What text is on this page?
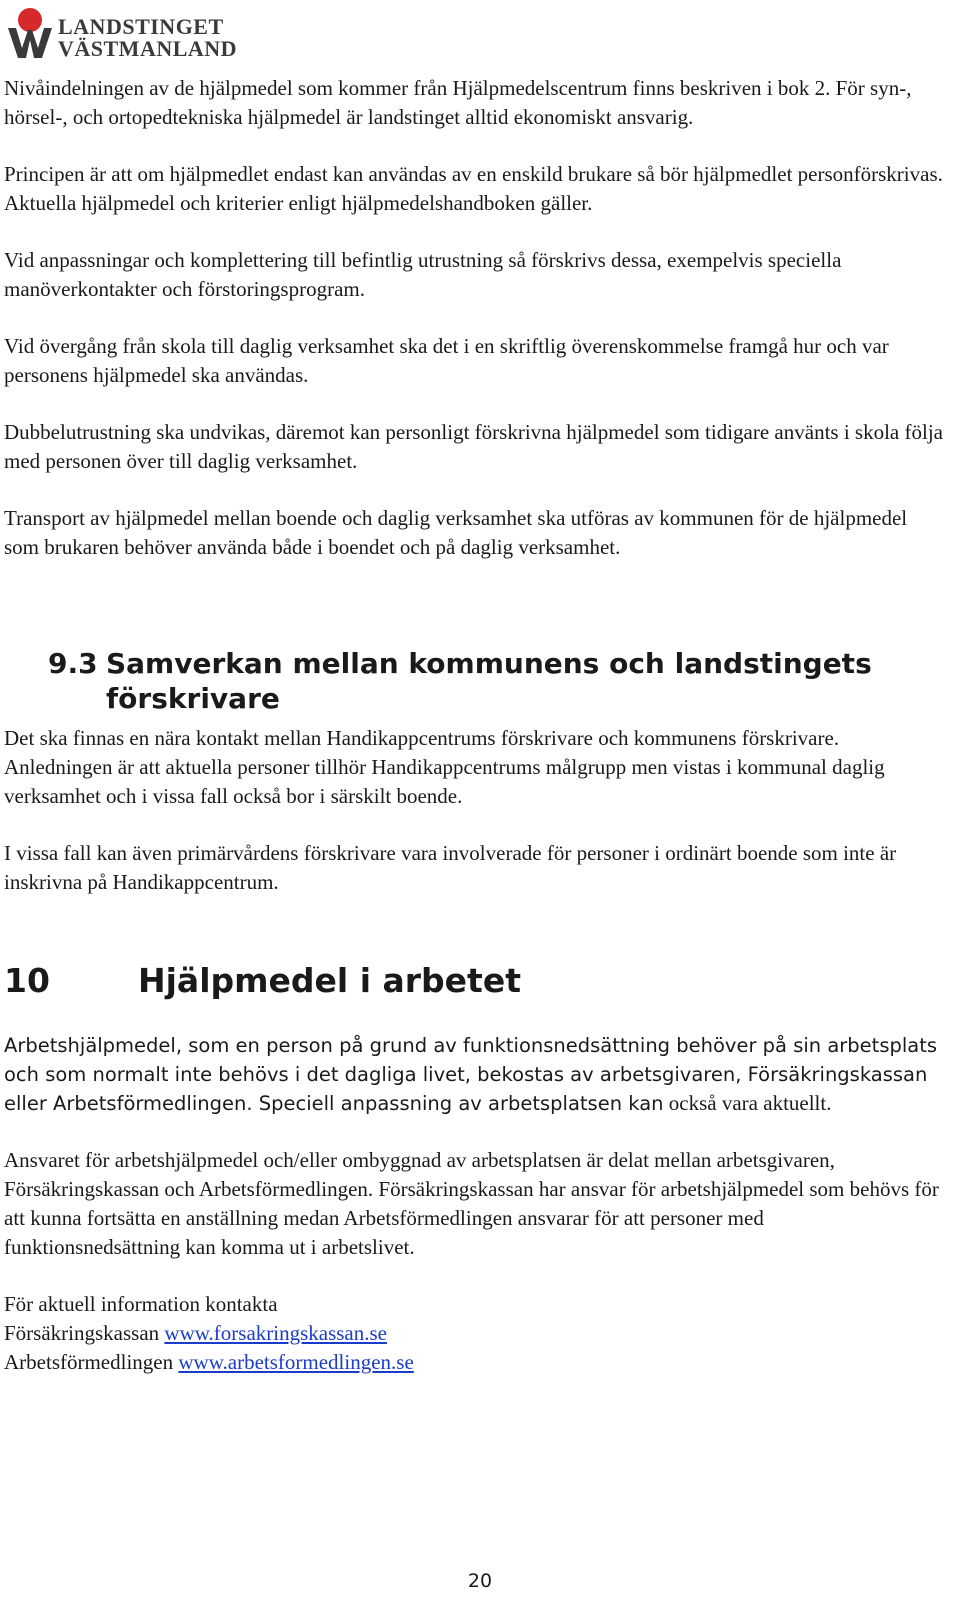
LANDSTINGET
VÄSTMANLAND

Nivåindelningen av de hjälpmedel som kommer från Hjälpmedelscentrum finns beskriven i bok 2. För syn-, hörsel-, och ortopedtekniska hjälpmedel är landstinget alltid ekonomiskt ansvarig.

Principen är att om hjälpmedlet endast kan användas av en enskild brukare så bör hjälpmedlet personförskrivas. Aktuella hjälpmedel och kriterier enligt hjälpmedelshandboken gäller.

Vid anpassningar och komplettering till befintlig utrustning så förskrivs dessa, exempelvis speciella manöverkontakter och förstoringsprogram.

Vid övergång från skola till daglig verksamhet ska det i en skriftlig överenskommelse framgå hur och var personens hjälpmedel ska användas.

Dubbelutrustning ska undvikas, däremot kan personligt förskrivna hjälpmedel som tidigare använts i skola följa med personen över till daglig verksamhet.

Transport av hjälpmedel mellan boende och daglig verksamhet ska utföras av kommunen för de hjälpmedel som brukaren behöver använda både i boendet och på daglig verksamhet.

9.3 Samverkan mellan kommunens och landstingets förskrivare

Det ska finnas en nära kontakt mellan Handikappcentrums förskrivare och kommunens förskrivare. Anledningen är att aktuella personer tillhör Handikappcentrums målgrupp men vistas i kommunal daglig verksamhet och i vissa fall också bor i särskilt boende.

I vissa fall kan även primärvårdens förskrivare vara involverade för personer i ordinärt boende som inte är inskrivna på Handikappcentrum.

10	Hjälpmedel i arbetet

Arbetshjälpmedel, som en person på grund av funktionsnedsättning behöver på sin arbetsplats och som normalt inte behövs i det dagliga livet, bekostas av arbetsgivaren, Försäkringskassan eller Arbetsförmedlingen. Speciell anpassning av arbetsplatsen kan också vara aktuellt.

Ansvaret för arbetshjälpmedel och/eller ombyggnad av arbetsplatsen är delat mellan arbetsgivaren, Försäkringskassan och Arbetsförmedlingen. Försäkringskassan har ansvar för arbetshjälpmedel som behövs för att kunna fortsätta en anställning medan Arbetsförmedlingen ansvarar för att personer med funktionsnedsättning kan komma ut i arbetslivet.

För aktuell information kontakta
Försäkringskassan www.forsakringskassan.se
Arbetsförmedlingen www.arbetsformedlingen.se
20
